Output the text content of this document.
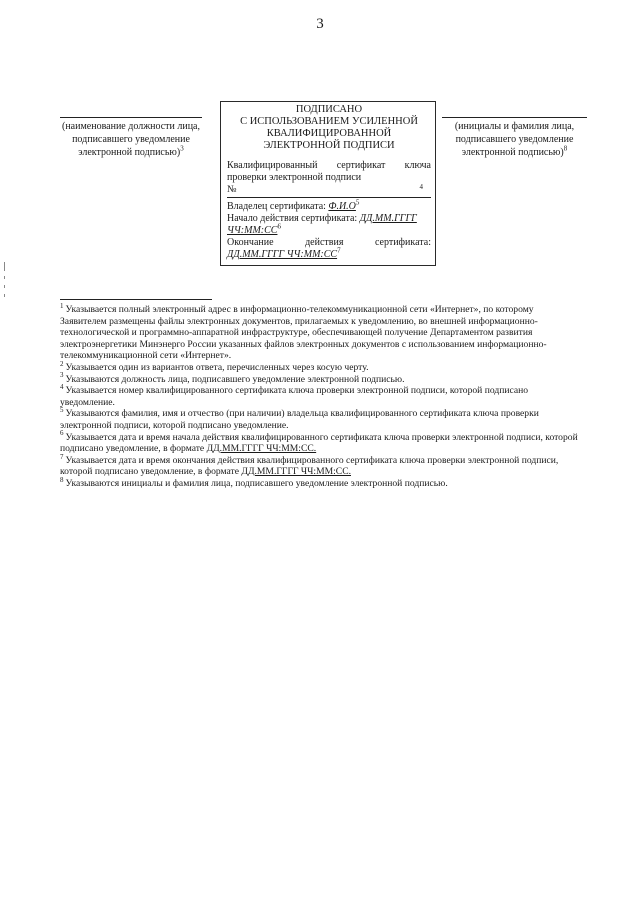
3
(наименование должности лица, подписавшего уведомление электронной подписью)$^3$
ПОДПИСАНО
С ИСПОЛЬЗОВАНИЕМ УСИЛЕННОЙ
КВАЛИФИЦИРОВАННОЙ
ЭЛЕКТРОННОЙ ПОДПИСИ
Квалифицированный сертификат ключа
проверки электронной подписи
№	4
Владелец сертификата: $Ф.И.О^5$
Начало действия сертификата: ДД.ММ.ГГГГ
$ЧЧ:ММ:СС^6$
Окончание действия сертификата:
ДД.ММ.ГГГГ $ЧЧ:ММ:СС^7$
(инициалы и фамилия лица, подписавшего уведомление электронной подписью)$^8$

$^1$ Указывается полный электронный адрес в информационно-телекоммуникационной сети «Интернет», по которому Заявителем размещены файлы электронных документов, прилагаемых к уведомлению, во внешней информационно-технологической и программно-аппаратной инфраструктуре, обеспечивающей получение Департаментом развития электроэнергетики Минэнерго России указанных файлов электронных документов с использованием информационно-телекоммуникационной сети «Интернет».

$^2$ Указывается один из вариантов ответа, перечисленных через косую черту.

$^3$ Указываются должность лица, подписавшего уведомление электронной подписью.

$^4$ Указывается номер квалифицированного сертификата ключа проверки электронной подписи, которой подписано уведомление.

$^5$ Указываются фамилия, имя и отчество (при наличии) владельца квалифицированного сертификата ключа проверки электронной подписи, которой подписано уведомление.

$^6$ Указывается дата и время начала действия квалифицированного сертификата ключа проверки электронной подписи, которой подписано уведомление, в формате ДД.ММ.ГГГГ ЧЧ:ММ:СС.

$^7$ Указывается дата и время окончания действия квалифицированного сертификата ключа проверки электронной подписи, которой подписано уведомление, в формате ДД.ММ.ГГГГ ЧЧ:ММ:СС.

$^8$ Указываются инициалы и фамилия лица, подписавшего уведомление электронной подписью.
